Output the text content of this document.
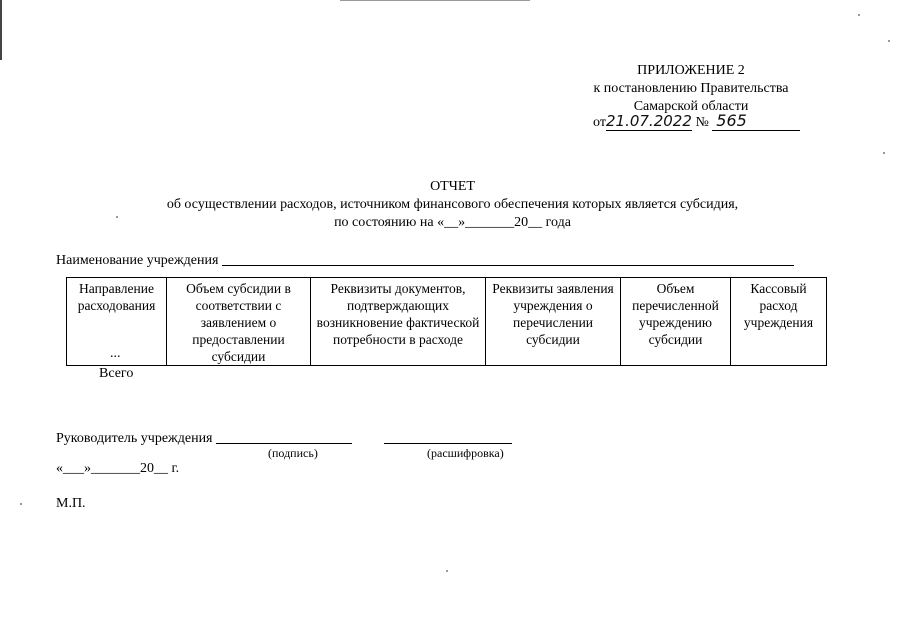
ПРИЛОЖЕНИЕ 2
к постановлению Правительства
Самарской области
от21.07.2022 № 565
ОТЧЕТ
об осуществлении расходов, источником финансового обеспечения которых является субсидия,
по состоянию на «__»_______20__ года
Наименование учреждения
Направление расходования	Объем субсидии в соответствии с заявлением о предоставлении субсидии	Реквизиты документов, подтверждающих возникновение фактической потребности в расходе	Реквизиты заявления учреждения о перечислении субсидии	Объем перечисленной учреждению субсидии	Кассовый расход учреждения
...
Всего
Руководитель учреждения
(подпись)	(расшифровка)
«___»_______20__ г.
М.П.
